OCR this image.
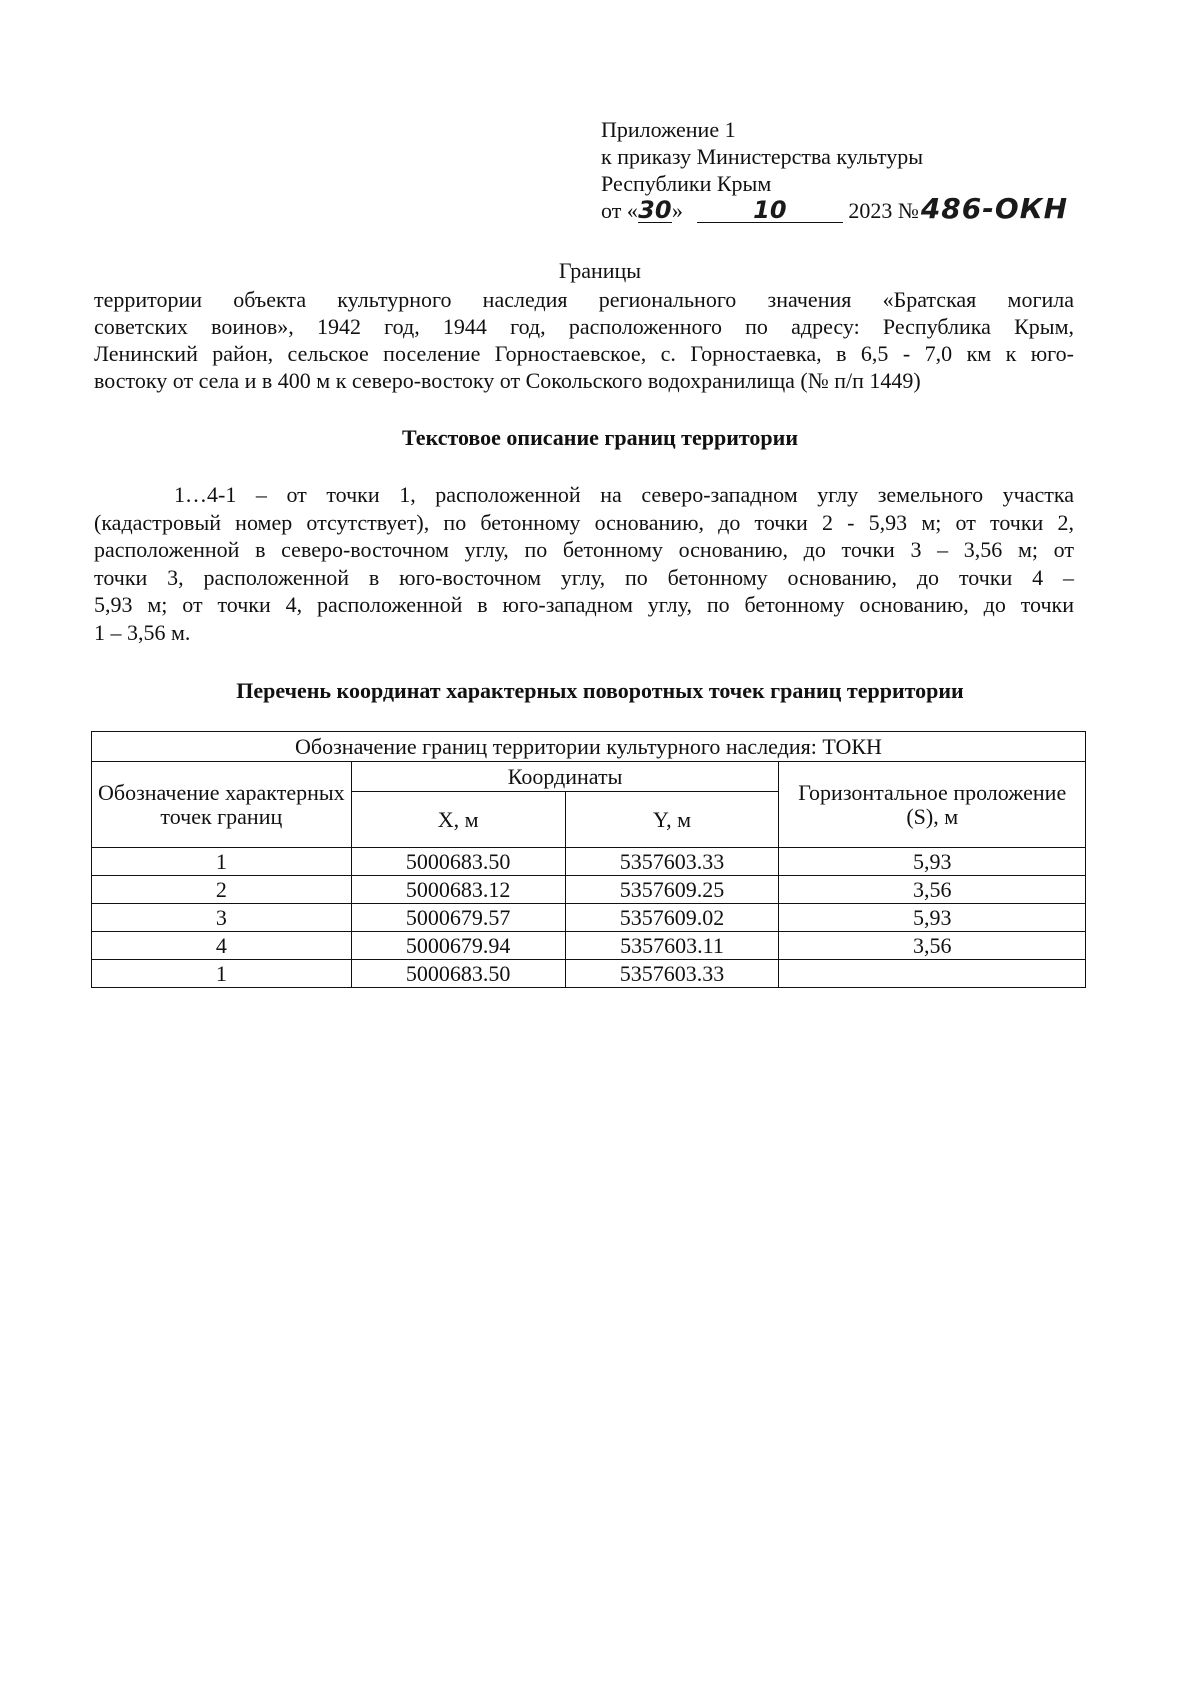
Приложение 1
к приказу Министерства культуры
Республики Крым
от «30»	10	2023 №486-ОКН
Границы
территории объекта культурного наследия регионального значения «Братская могила
советских воинов», 1942 год, 1944 год, расположенного по адресу: Республика Крым,
Ленинский район, сельское поселение Горностаевское, с. Горностаевка, в 6,5 - 7,0 км к юго-
востоку от села и в 400 м к северо-востоку от Сокольского водохранилища (№ п/п 1449)
Текстовое описание границ территории
1…4-1 – от точки 1, расположенной на северо-западном углу земельного участка
(кадастровый номер отсутствует), по бетонному основанию, до точки 2 - 5,93 м; от точки 2,
расположенной в северо-восточном углу, по бетонному основанию, до точки 3 – 3,56 м; от
точки 3, расположенной в юго-восточном углу, по бетонному основанию, до точки 4 –
5,93 м; от точки 4, расположенной в юго-западном углу, по бетонному основанию, до точки
1 – 3,56 м.
Перечень координат характерных поворотных точек границ территории
Обозначение границ территории культурного наследия: ТОКН			
Обозначение характерных точек границ	Координаты		Горизонтальное проложение (S), м
	X, м	Y, м	
1	5000683.50	5357603.33	5,93
2	5000683.12	5357609.25	3,56
3	5000679.57	5357609.02	5,93
4	5000679.94	5357603.11	3,56
1	5000683.50	5357603.33	
